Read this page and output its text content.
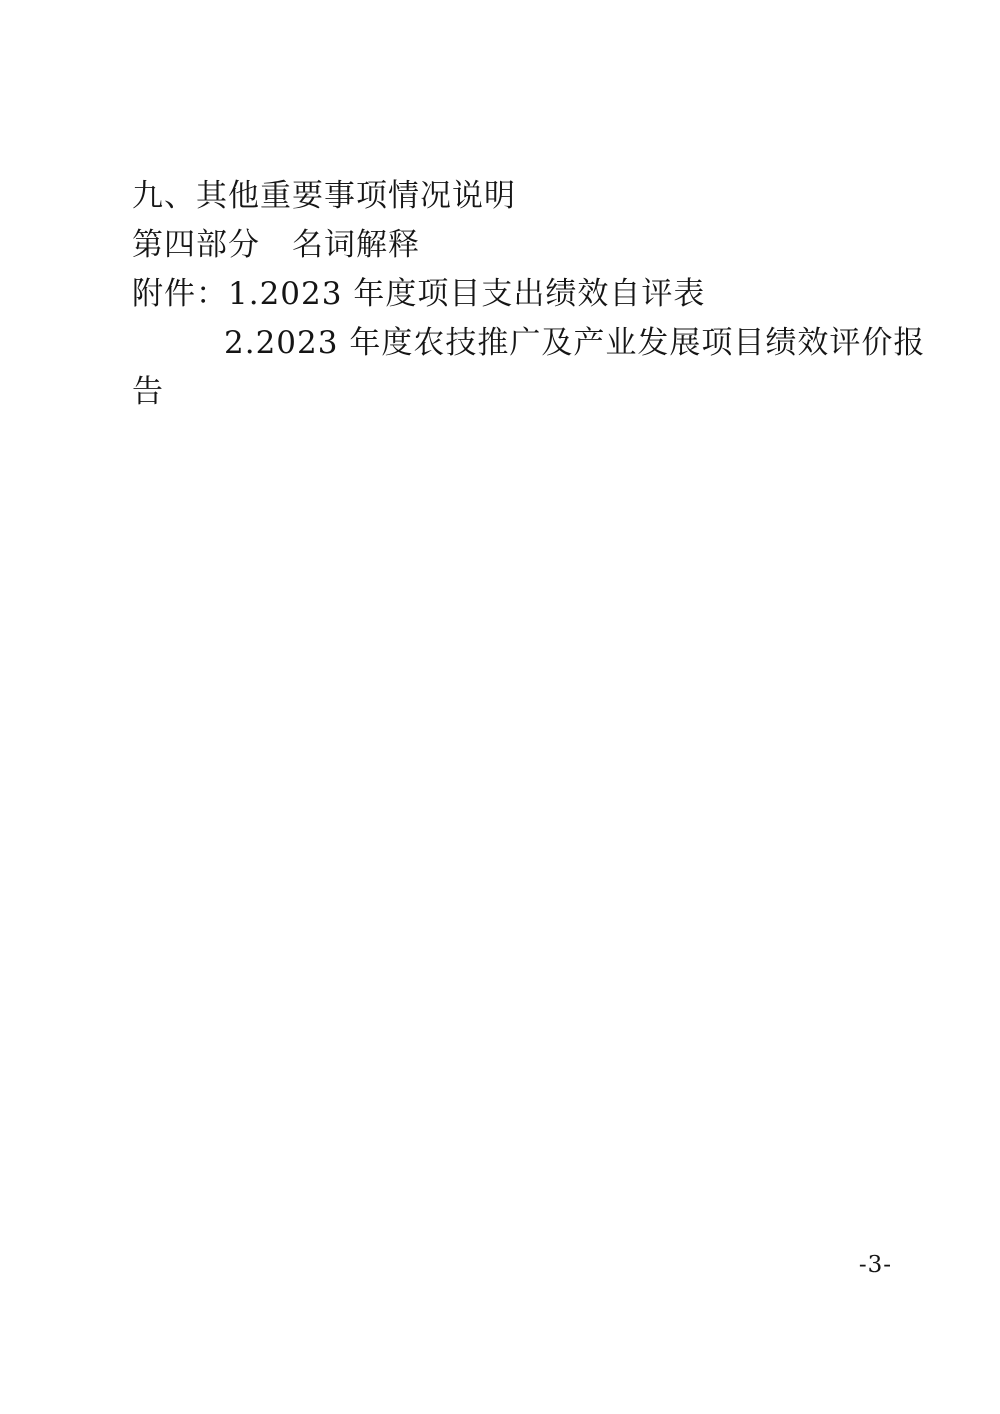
九、其他重要事项情况说明
第四部分　名词解释
附件：1.2023 年度项目支出绩效自评表
2.2023 年度农技推广及产业发展项目绩效评价报
告
-3-
